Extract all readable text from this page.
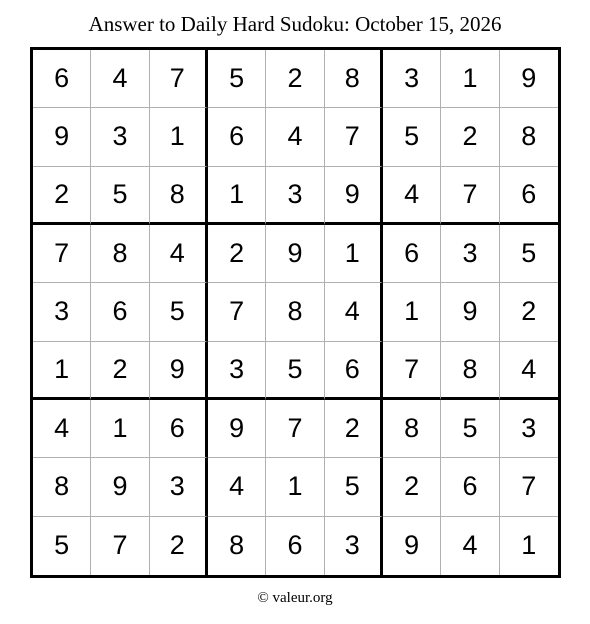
Answer to Daily Hard Sudoku: October 15, 2026
6	4	7	5	2	8	3	1	9
9	3	1	6	4	7	5	2	8
2	5	8	1	3	9	4	7	6
7	8	4	2	9	1	6	3	5
3	6	5	7	8	4	1	9	2
1	2	9	3	5	6	7	8	4
4	1	6	9	7	2	8	5	3
8	9	3	4	1	5	2	6	7
5	7	2	8	6	3	9	4	1
© valeur.org
